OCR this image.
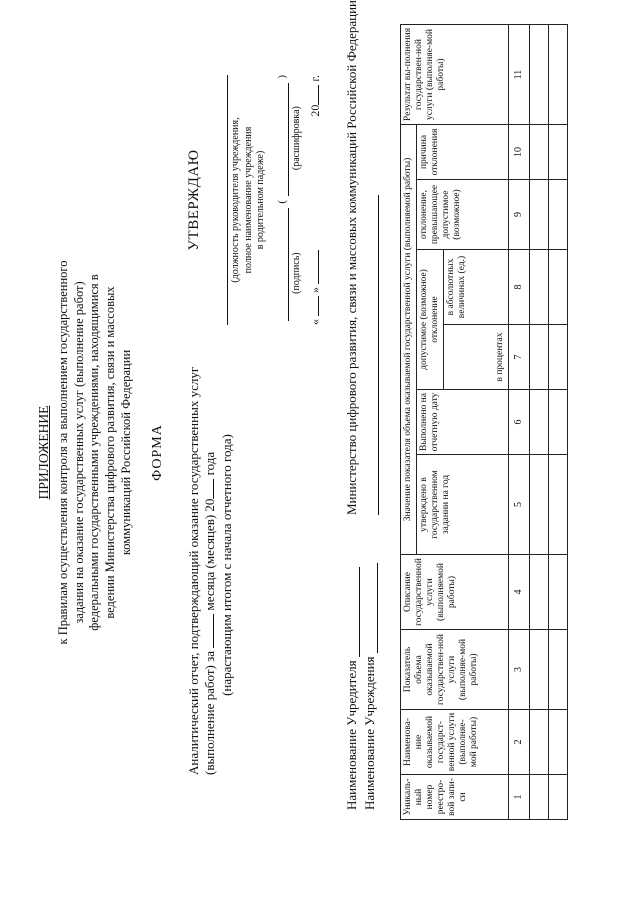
ПРИЛОЖЕНИЕ к Правилам осуществления контроля за выполнением государственного задания на оказание государственных услуг (выполнение работ) федеральными государственными учреждениями, находящимися в ведении Министерства цифрового развития, связи и массовых коммуникаций Российской Федерации ФОРМА Аналитический отчет, подтверждающий оказание государственных услуг (выполнение работ) за  месяца (месяцев) 20 года (нарастающим итогом с начала отчетного года)
УТВЕРЖДАЮ	(должность руководителя учреждения, полное наименование учреждения в родительном падеже) (
)
(подпись)
(расшифровка)
«  »
20 г.
Наименование Учредителя Наименование Учреждения
Министерство цифрового развития, связи и массовых коммуникаций Российской Федерации
Уникаль-ный номер реестро-вой запи-си	Наименова-ние оказываемой государст-венной услуги (выполняе-мой работы)	Показатель объема оказываемой государствен-ной услуги (выполняе-мой работы)	Описание государственной услуги (выполняемой работы)	Значение показателя объема оказываемой государственной услуги (выполняемой работы)						Результат вы-полнения государствен-ной услуги (выполняе-мой работы)
				утверждено в государственном задании на год	Выполнено на отчетную дату	допустимое (возможное) отклонение		отклонение, превышающее допустимое (возможное)	причина отклонения	
						в процентах	в абсолютных величинах (ед.)			
1	2	3	4	5	6	7	8	9	10	11
